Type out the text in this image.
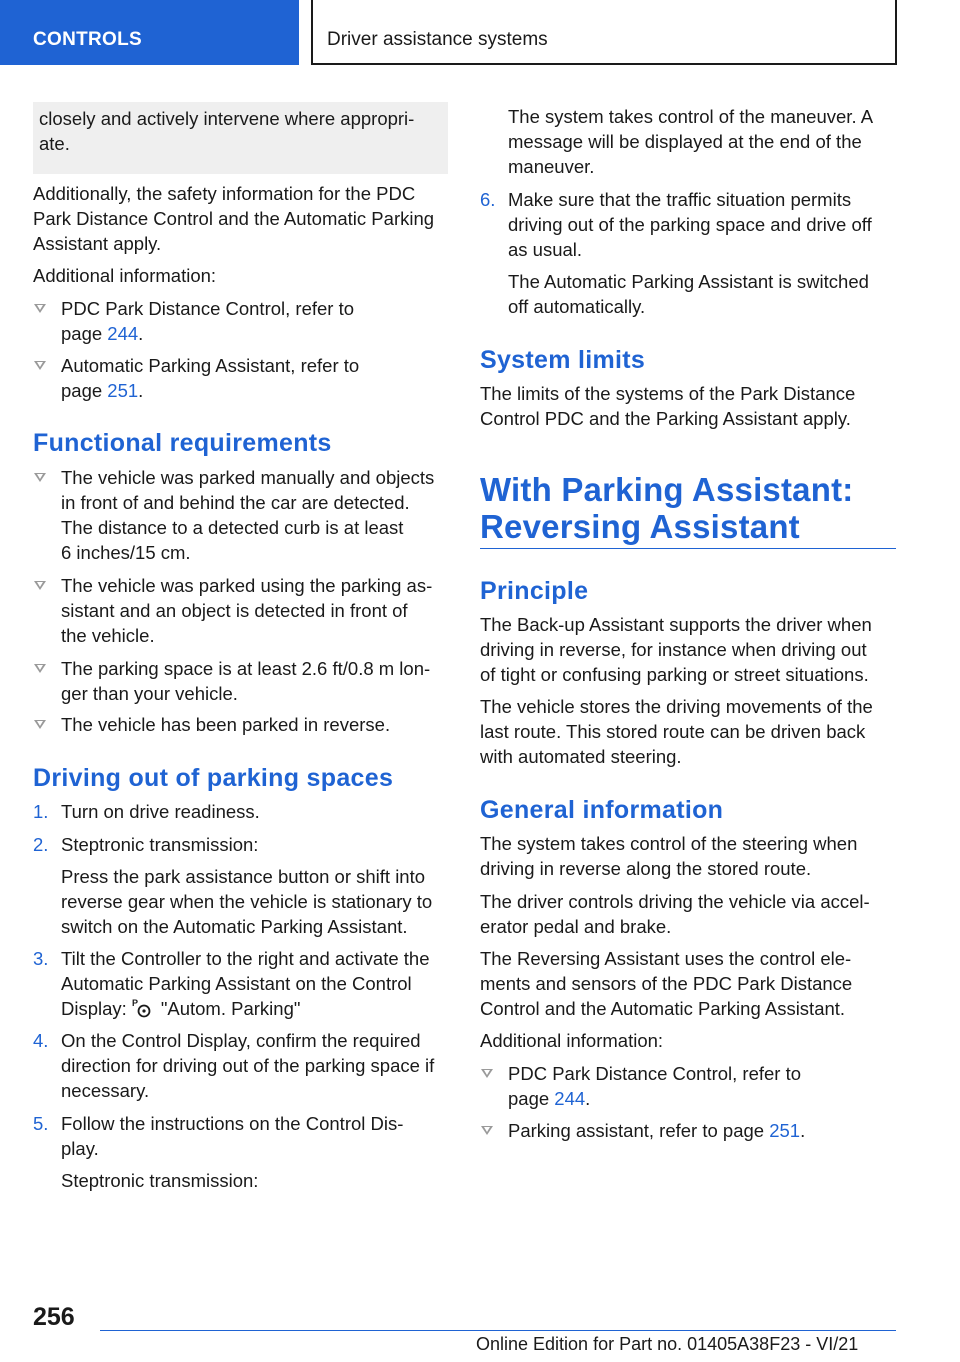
CONTROLS	Driver assistance systems

closely and actively intervene where appropri-
ate.

Additionally, the safety information for the PDC
Park Distance Control and the Automatic Parking
Assistant apply.

Additional information:

PDC Park Distance Control, refer to
page 244.
Automatic Parking Assistant, refer to
page 251.
Functional requirements
The vehicle was parked manually and objects
in front of and behind the car are detected.
The distance to a detected curb is at least
6 inches/15 cm.
The vehicle was parked using the parking as-
sistant and an object is detected in front of
the vehicle.
The parking space is at least 2.6 ft/0.8 m lon-
ger than your vehicle.
The vehicle has been parked in reverse.
Driving out of parking spaces
1. Turn on drive readiness.
2. Steptronic transmission:
Press the park assistance button or shift into
reverse gear when the vehicle is stationary to
switch on the Automatic Parking Assistant.
3. Tilt the Controller to the right and activate the
Automatic Parking Assistant on the Control
Display: P "Autom. Parking"
4. On the Control Display, confirm the required
direction for driving out of the parking space if
necessary.
5. Follow the instructions on the Control Dis-
play.
Steptronic transmission:
The system takes control of the maneuver. A
message will be displayed at the end of the
maneuver.
6. Make sure that the traffic situation permits
driving out of the parking space and drive off
as usual.
The Automatic Parking Assistant is switched
off automatically.
System limits

The limits of the systems of the Park Distance
Control PDC and the Parking Assistant apply.

With Parking Assistant:
Reversing Assistant
Principle

The Back-up Assistant supports the driver when
driving in reverse, for instance when driving out
of tight or confusing parking or street situations.

The vehicle stores the driving movements of the
last route. This stored route can be driven back
with automated steering.

General information

The system takes control of the steering when
driving in reverse along the stored route.

The driver controls driving the vehicle via accel-
erator pedal and brake.

The Reversing Assistant uses the control ele-
ments and sensors of the PDC Park Distance
Control and the Automatic Parking Assistant.

Additional information:

PDC Park Distance Control, refer to
page 244.
Parking assistant, refer to page 251.
256
Online Edition for Part no. 01405A38F23 - VI/21
